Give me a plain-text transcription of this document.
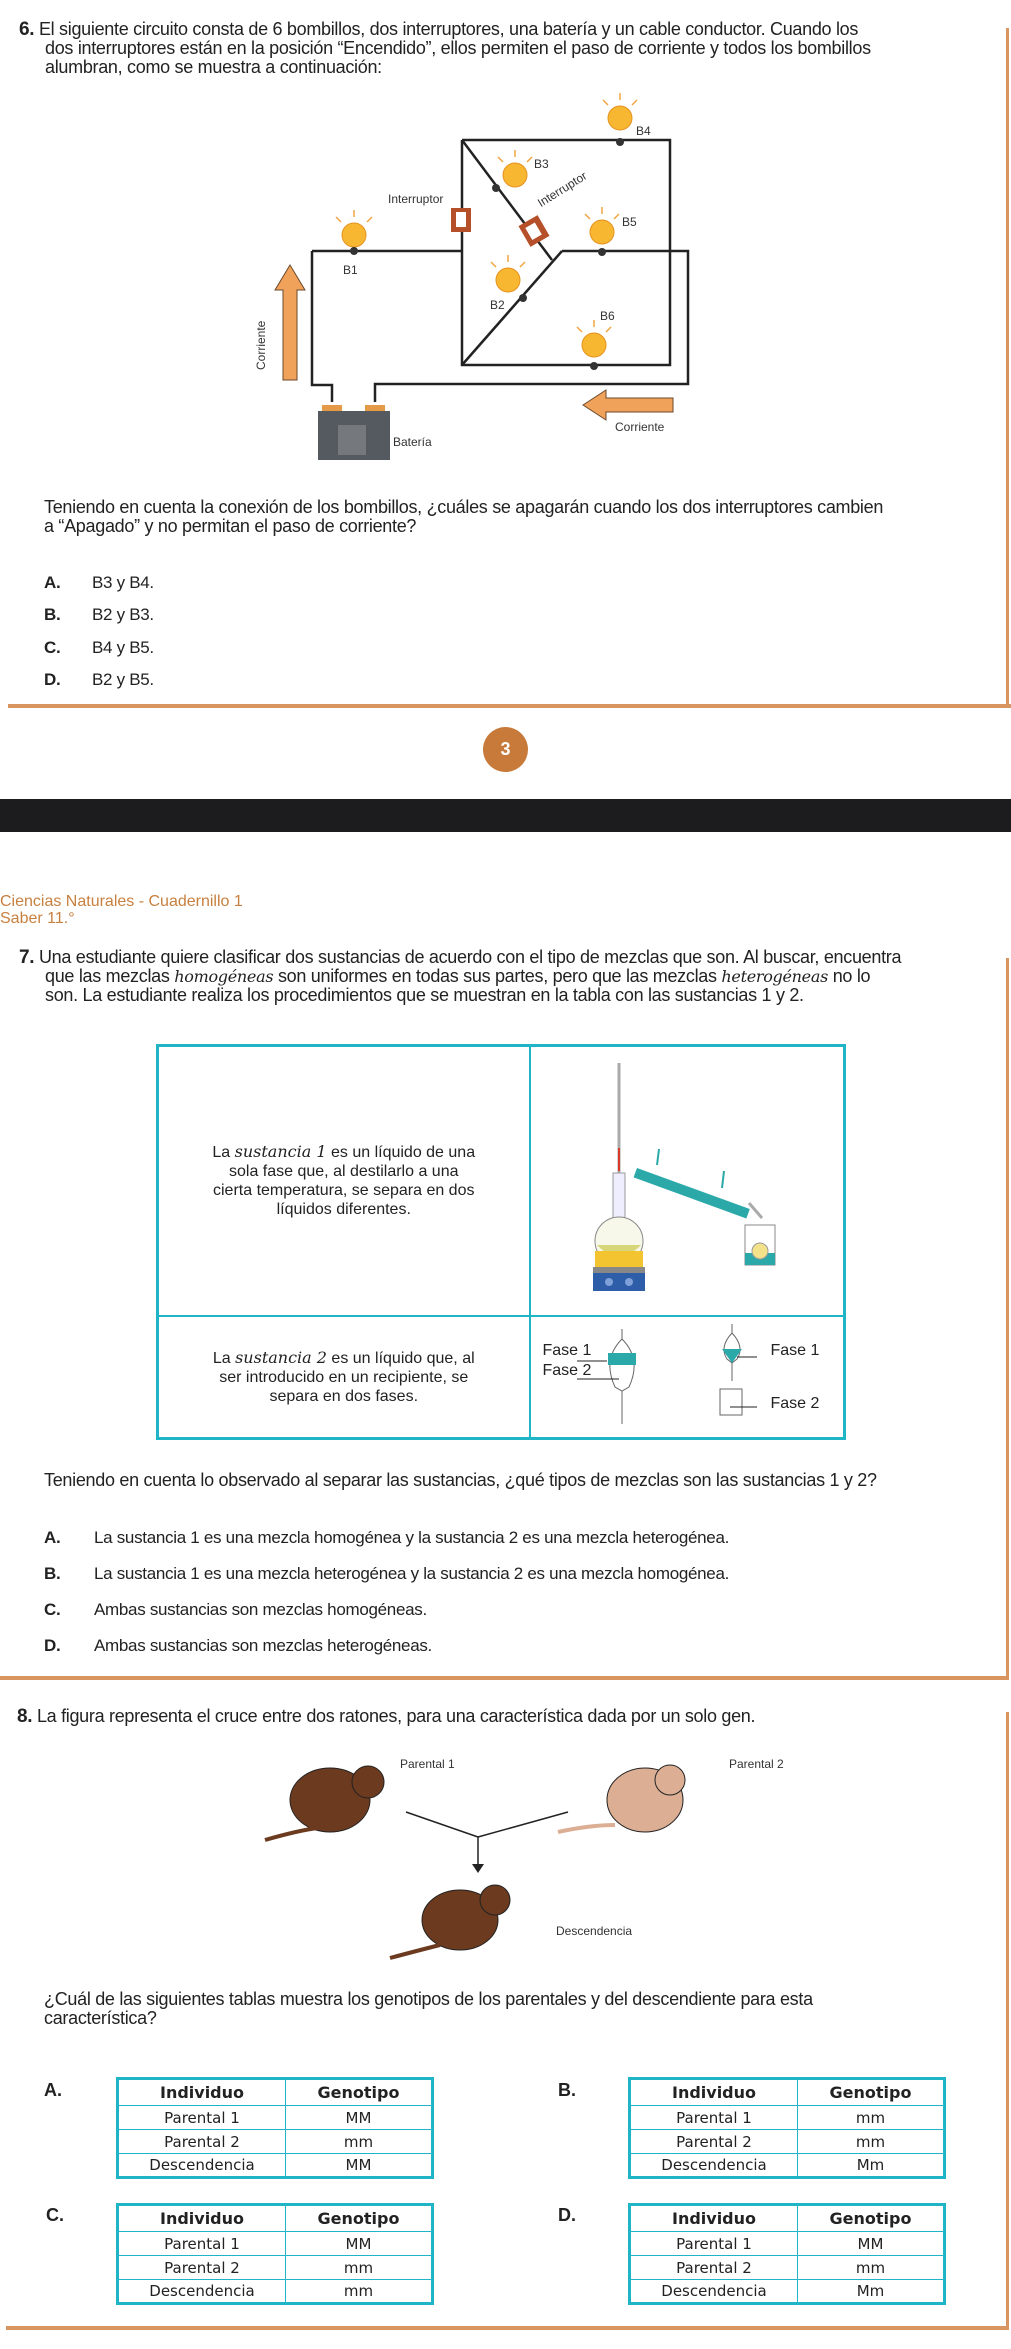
6. El siguiente circuito consta de 6 bombillos, dos interruptores, una batería y un cable conductor. Cuando los
dos interruptores están en la posición “Encendido”, ellos permiten el paso de corriente y todos los bombillos
alumbran, como se muestra a continuación:
B1
B2
B3
B4
B5
B6
Interruptor	Interruptor
Corriente
Corriente
Batería
Teniendo en cuenta la conexión de los bombillos, ¿cuáles se apagarán cuando los dos interruptores cambien
a “Apagado” y no permitan el paso de corriente?
A. B3 y B4.
B. B2 y B3.
C. B4 y B5.
D. B2 y B5.
3
Ciencias Naturales - Cuadernillo 1
Saber 11.°
7. Una estudiante quiere clasificar dos sustancias de acuerdo con el tipo de mezclas que son. Al buscar, encuentra
que las mezclas homogéneas son uniformes en todas sus partes, pero que las mezclas heterogéneas no lo
son. La estudiante realiza los procedimientos que se muestran en la tabla con las sustancias 1 y 2.
La sustancia 1 es un líquido de una sola fase que, al destilarlo a una cierta temperatura, se separa en dos líquidos diferentes.	
La sustancia 2 es un líquido que, al ser introducido en un recipiente, se separa en dos fases.	Fase 1
Fase 2
Fase 1
Fase 2
Teniendo en cuenta lo observado al separar las sustancias, ¿qué tipos de mezclas son las sustancias 1 y 2?
A. La sustancia 1 es una mezcla homogénea y la sustancia 2 es una mezcla heterogénea.
B. La sustancia 1 es una mezcla heterogénea y la sustancia 2 es una mezcla homogénea.
C. Ambas sustancias son mezclas homogéneas.
D. Ambas sustancias son mezclas heterogéneas.
8. La figura representa el cruce entre dos ratones, para una característica dada por un solo gen.
Parental 1	Parental 2
Descendencia
¿Cuál de las siguientes tablas muestra los genotipos de los parentales y del descendiente para esta
característica?
A.	Individuo	Genotipo
Parental 1	MM
Parental 2	mm
Descendencia	MM
B.	Individuo	Genotipo
Parental 1	mm
Parental 2	mm
Descendencia	Mm
C.	Individuo	Genotipo
Parental 1	MM
Parental 2	mm
Descendencia	mm
D.	Individuo	Genotipo
Parental 1	MM
Parental 2	mm
Descendencia	Mm
